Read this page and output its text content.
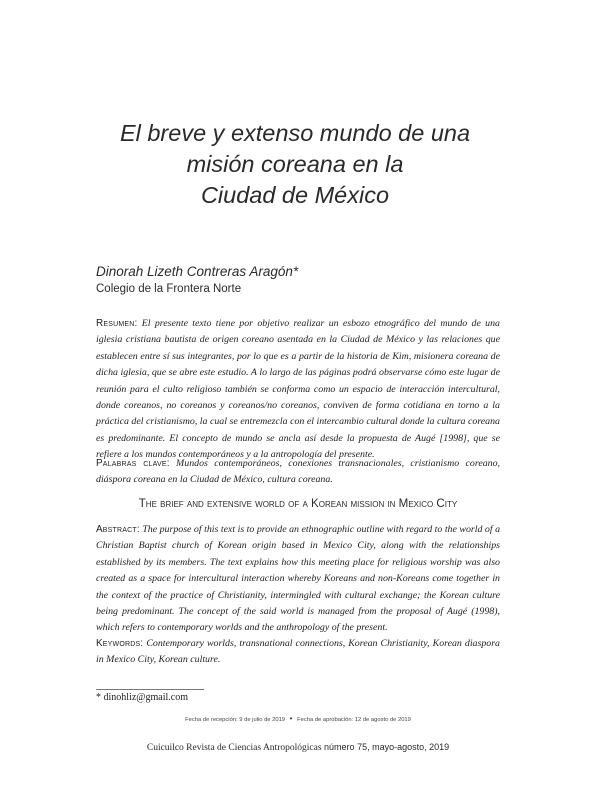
El breve y extenso mundo de una
misión coreana en la
Ciudad de México
Dinorah Lizeth Contreras Aragón*
Colegio de la Frontera Norte

Resumen: El presente texto tiene por objetivo realizar un esbozo etnográfico del mundo de una iglesia cristiana bautista de origen coreano asentada en la Ciudad de México y las relaciones que establecen entre sí sus integrantes, por lo que es a partir de la historia de Kim, misionera coreana de dicha iglesia, que se abre este estudio. A lo largo de las páginas podrá observarse cómo este lugar de reunión para el culto religioso también se conforma como un espacio de interacción intercultural, donde coreanos, no coreanos y coreanos/no coreanos, conviven de forma cotidiana en torno a la práctica del cristianismo, la cual se entremezcla con el intercambio cultural donde la cultura coreana es predominante. El concepto de mundo se ancla así desde la propuesta de Augé [1998], que se refiere a los mundos contemporáneos y a la antropología del presente.

Palabras clave: Mundos contemporáneos, conexiones transnacionales, cristianismo coreano, diáspora coreana en la Ciudad de México, cultura coreana.

The brief and extensive world of a Korean mission in Mexico City

Abstract: The purpose of this text is to provide an ethnographic outline with regard to the world of a Christian Baptist church of Korean origin based in Mexico City, along with the relationships established by its members. The text explains how this meeting place for religious worship was also created as a space for intercultural interaction whereby Koreans and non-Koreans come together in the context of the practice of Christianity, intermingled with cultural exchange; the Korean culture being predominant. The concept of the said world is managed from the proposal of Augé (1998), which refers to contemporary worlds and the anthropology of the present.

Keywords: Contemporary worlds, transnational connections, Korean Christianity, Korean diaspora in Mexico City, Korean culture.

* dinohliz@gmail.com
Fecha de recepción: 9 de julio de 2019 • Fecha de aprobación: 12 de agosto de 2019
Cuicuilco Revista de Ciencias Antropológicas número 75, mayo-agosto, 2019
